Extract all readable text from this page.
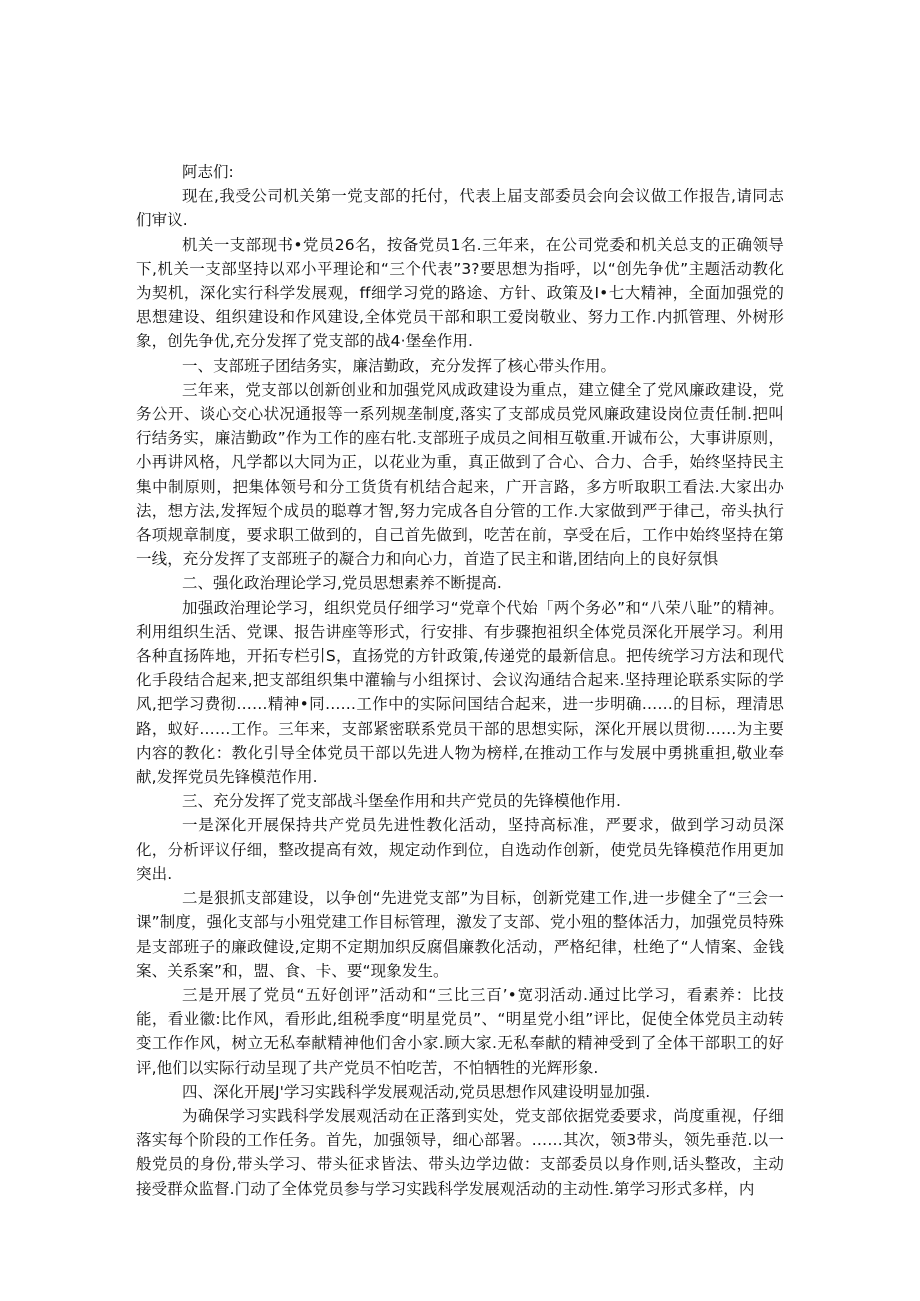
阿志们:

现在,我受公司机关第一党支部的托付，代表上届支部委员会向会议做工作报告,请同志们审议.

机关一支部现书•党员26名，按备党员1名.三年来，在公司党委和机关总支的正确领导下,机关一支部坚持以邓小平理论和“三个代表”3?要思想为指呼，以“创先争优”主题活动教化为契机，深化实行科学发展观，ff细学习党的路途、方针、政策及I•七大精神，全面加强党的思想建设、组织建设和作风建设,全体党员干部和职工爱岗敬业、努力工作.内抓管理、外树形象，创先争优,充分发挥了党支部的战4·堡垒作用.

一、支部班子团结务实，廉洁勤政，充分发挥了核心带头作用。

三年来，党支部以创新创业和加强党风成政建设为重点，建立健全了党风廉政建设，党务公开、谈心交心状况通报等一系列规垄制度,落实了支部成员党风廉政建设岗位责任制.把叫行结务实，廉洁勤政”作为工作的座右牝.支部班子成员之间相互敬重.开诚布公，大事讲原则，小再讲风格，凡学都以大同为正，以花业为重，真正做到了合心、合力、合手，始终坚持民主集中制原则，把集体领号和分工货货有机结合起来，广开言路，多方听取职工看法.大家出办法，想方法,发挥短个成员的聪尊才智,努力完成各自分管的工作.大家做到严于律己，帝头执行各项规章制度，要求职工做到的，自己首先做到，吃苦在前，享受在后，工作中始终坚持在第一线，充分发挥了支部班子的凝合力和向心力，首造了民主和谐,团结向上的良好氛惧

二、强化政治理论学习,党员思想素养不断提高.

加强政治理论学习，组织党员仔细学习“党章个代始「两个务必”和“八荣八耻”的精神。利用组织生活、党课、报告讲座等形式，行安排、有步骤抱祖织全体党员深化开展学习。利用各种直扬阵地，开拓专栏引S，直扬党的方针政策,传递党的最新信息。把传统学习方法和现代化手段结合起来,把支部组织集中灌输与小组探讨、会议沟通结合起来.坚持理论联系实际的学风,把学习费彻……精神•同……工作中的实际问国结合起来，进一步明确……的目标，理清思路，蚁好……工作。三年来，支部紧密联系党员干部的思想实际，深化开展以贯彻……为主要内容的教化：教化引导全体党员干部以先进人物为榜样,在推动工作与发展中勇挑重担,敬业奉献,发挥党员先锋模范作用.

三、充分发挥了党支部战斗堡垒作用和共产党员的先锋模他作用.

一是深化开展保持共产党员先进性教化活动，坚持高标准，严要求，做到学习动员深化，分析评议仔细，整改提高有效，规定动作到位，自选动作创新，使党员先锋模范作用更加突出.

二是狠抓支部建设，以争创“先进党支部”为目标，创新党建工作,进一步健全了“三会一课”制度，强化支部与小殂党建工作目标管理，激发了支部、党小殂的整体活力，加强党员特殊是支部班子的廉政健设,定期不定期加织反腐倡廉教化活动，严格纪律，杜绝了“人情案、金钱案、关系案”和，盟、食、卡、要“现象发生。

三是开展了党员“五好创评”活动和“三比三百’•宽羽活动.通过比学习，看素养：比技能，看业徽:比作风，看形此,组税季度“明星党员”、“明星党小组”评比，促使全体党员主动转变工作作风，树立无私奉献精神他们舍小家.顾大家.无私奉献的精神受到了全体干部职工的好评,他们以实际行动呈现了共产党员不怕吃苦，不怕牺牲的光辉形象.

四、深化开展J'学习实践科学发展观活动,党员思想作风建设明显加强.

为确保学习实践科学发展观活动在正落到实处，党支部依据党委要求，尚度重视，仔细落实每个阶段的工作任务。首先，加强领导，细心部署。……其次，领3带头，领先垂范.以一般党员的身份,带头学习、带头征求皆法、带头边学边做：支部委员以身作则,话头整改，主动接受群众监督.门动了全体党员参与学习实践科学发展观活动的主动性.第学习形式多样，内
